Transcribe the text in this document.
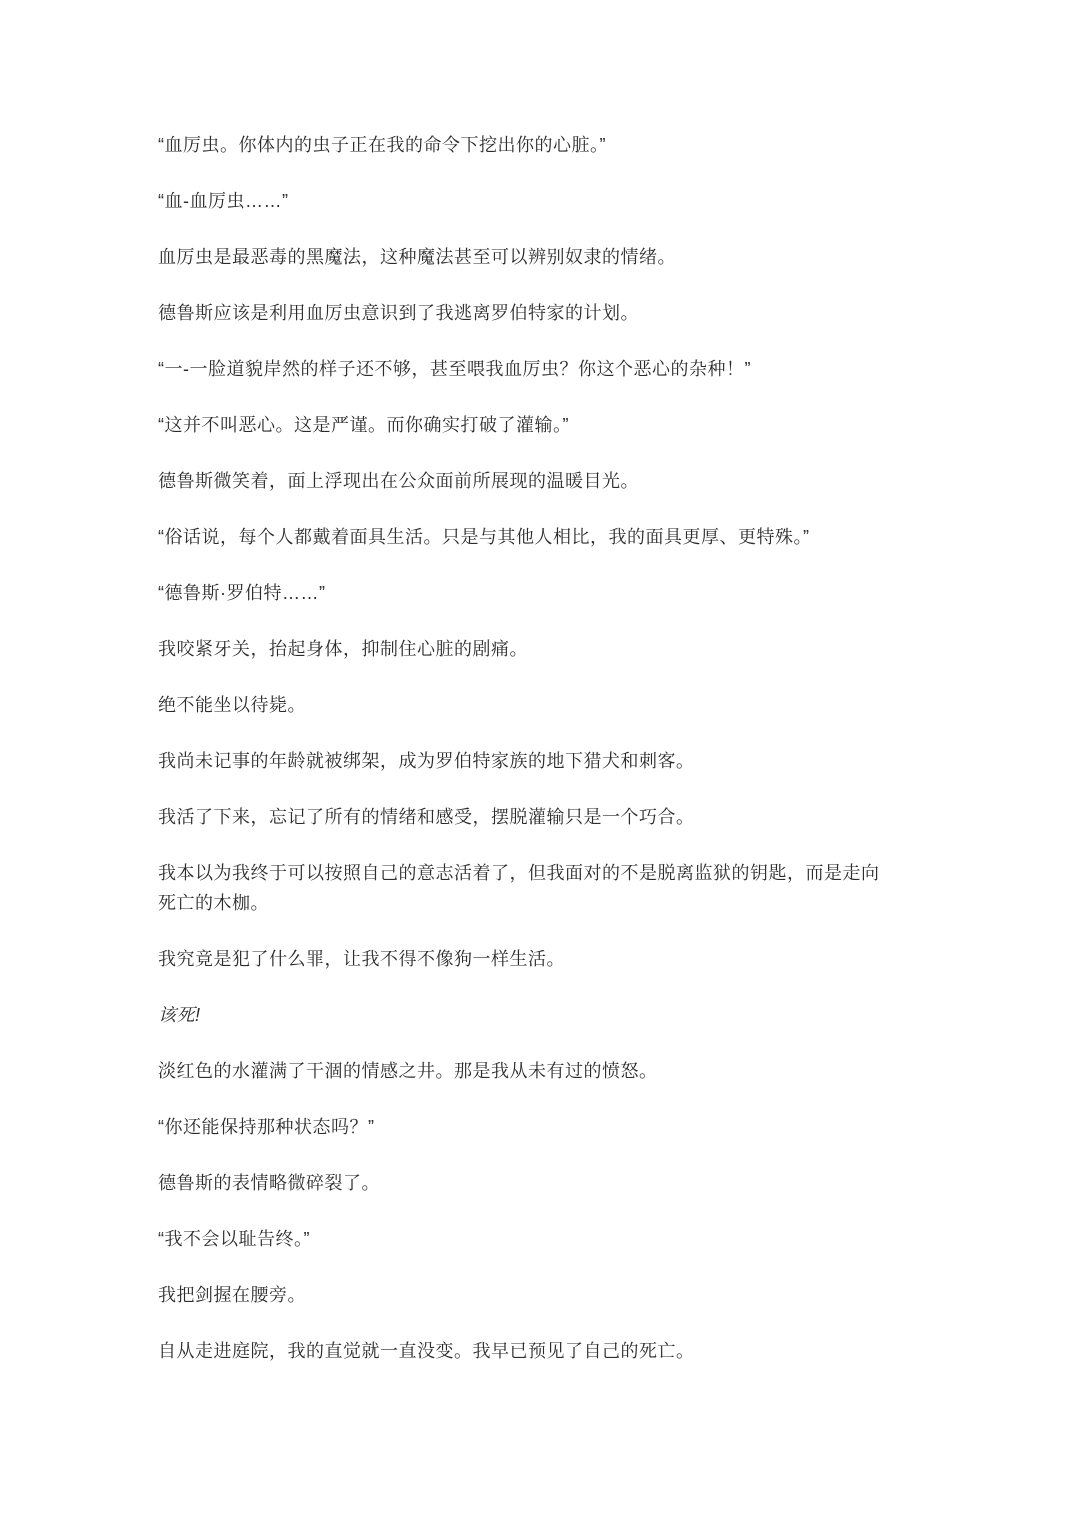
“血厉虫。你体内的虫子正在我的命令下挖出你的心脏。”

“血-血厉虫……”

血厉虫是最恶毒的黑魔法，这种魔法甚至可以辨别奴隶的情绪。

德鲁斯应该是利用血厉虫意识到了我逃离罗伯特家的计划。

“一-一脸道貌岸然的样子还不够，甚至喂我血厉虫？你这个恶心的杂种！”

“这并不叫恶心。这是严谨。而你确实打破了灌输。”

德鲁斯微笑着，面上浮现出在公众面前所展现的温暖目光。

“俗话说，每个人都戴着面具生活。只是与其他人相比，我的面具更厚、更特殊。”

“德鲁斯·罗伯特……”

我咬紧牙关，抬起身体，抑制住心脏的剧痛。

绝不能坐以待毙。

我尚未记事的年龄就被绑架，成为罗伯特家族的地下猎犬和刺客。

我活了下来，忘记了所有的情绪和感受，摆脱灌输只是一个巧合。

我本以为我终于可以按照自己的意志活着了，但我面对的不是脱离监狱的钥匙，而是走向死亡的木枷。

我究竟是犯了什么罪，让我不得不像狗一样生活。

该死!

淡红色的水灌满了干涸的情感之井。那是我从未有过的愤怒。

“你还能保持那种状态吗？”

德鲁斯的表情略微碎裂了。

“我不会以耻告终。”

我把剑握在腰旁。

自从走进庭院，我的直觉就一直没变。我早已预见了自己的死亡。
